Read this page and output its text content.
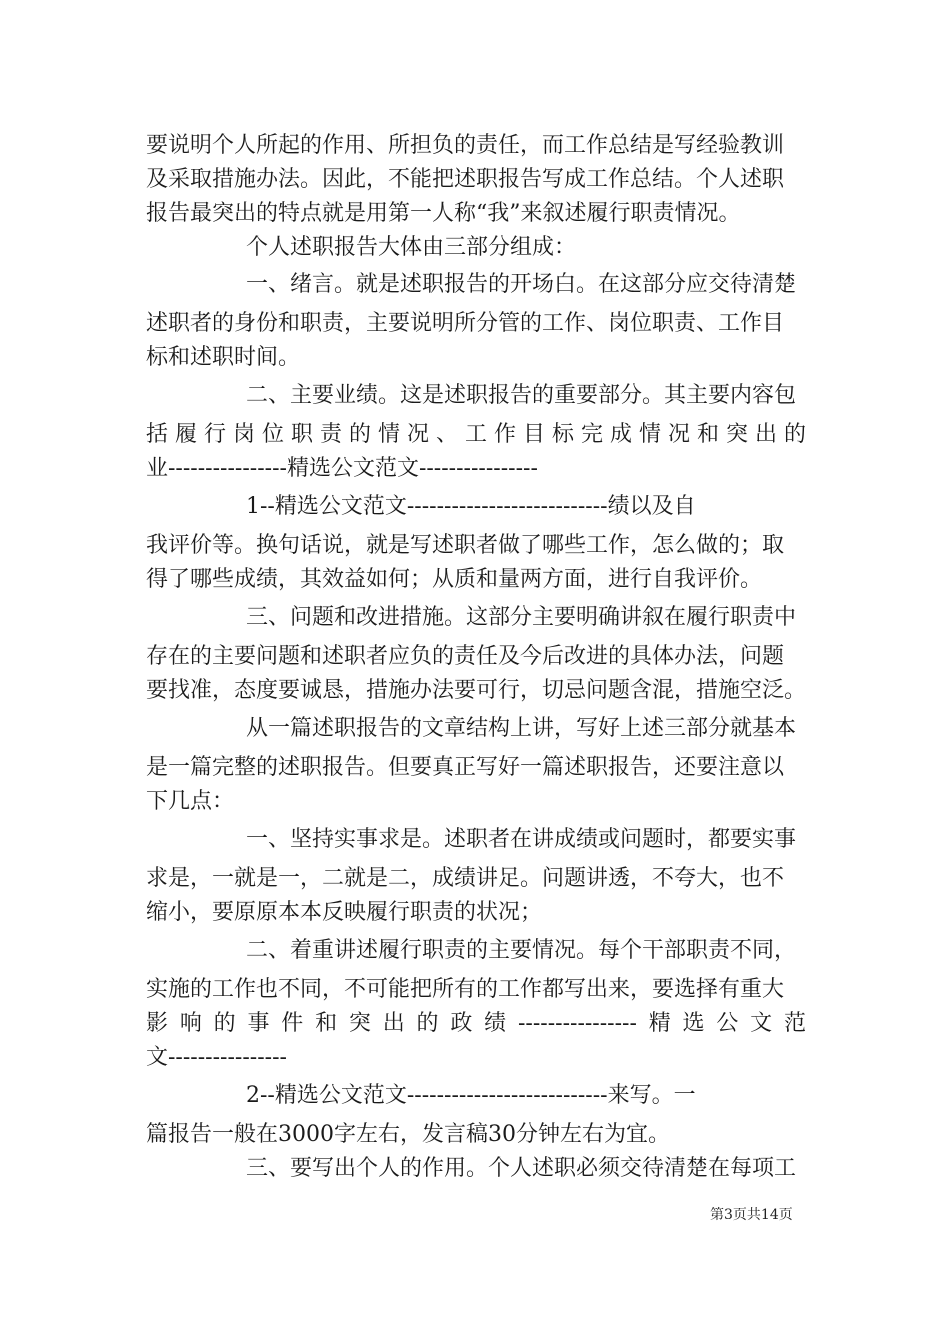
要说明个人所起的作用、所担负的责任，而工作总结是写经验教训
及采取措施办法。因此，不能把述职报告写成工作总结。个人述职
报告最突出的特点就是用第一人称“我”来叙述履行职责情况。
个人述职报告大体由三部分组成：
一、绪言。就是述职报告的开场白。在这部分应交待清楚
述职者的身份和职责，主要说明所分管的工作、岗位职责、工作目
标和述职时间。
二、主要业绩。这是述职报告的重要部分。其主要内容包
括履行岗位职责的情况、工作目标完成情况和突出的
业----------------精选公文范文----------------
1--精选公文范文---------------------------绩以及自
我评价等。换句话说，就是写述职者做了哪些工作，怎么做的；取
得了哪些成绩，其效益如何；从质和量两方面，进行自我评价。
三、问题和改进措施。这部分主要明确讲叙在履行职责中
存在的主要问题和述职者应负的责任及今后改进的具体办法，问题
要找准，态度要诚恳，措施办法要可行，切忌问题含混，措施空泛。
从一篇述职报告的文章结构上讲，写好上述三部分就基本
是一篇完整的述职报告。但要真正写好一篇述职报告，还要注意以
下几点：
一、坚持实事求是。述职者在讲成绩或问题时，都要实事
求是，一就是一，二就是二，成绩讲足。问题讲透，不夸大，也不
缩小，要原原本本反映履行职责的状况；
二、着重讲述履行职责的主要情况。每个干部职责不同，
实施的工作也不同，不可能把所有的工作都写出来，要选择有重大
影响的事件和突出的政绩----------------精选公文范
文----------------
2--精选公文范文---------------------------来写。一
篇报告一般在3000字左右，发言稿30分钟左右为宜。
三、要写出个人的作用。个人述职必须交待清楚在每项工
第3页共14页
